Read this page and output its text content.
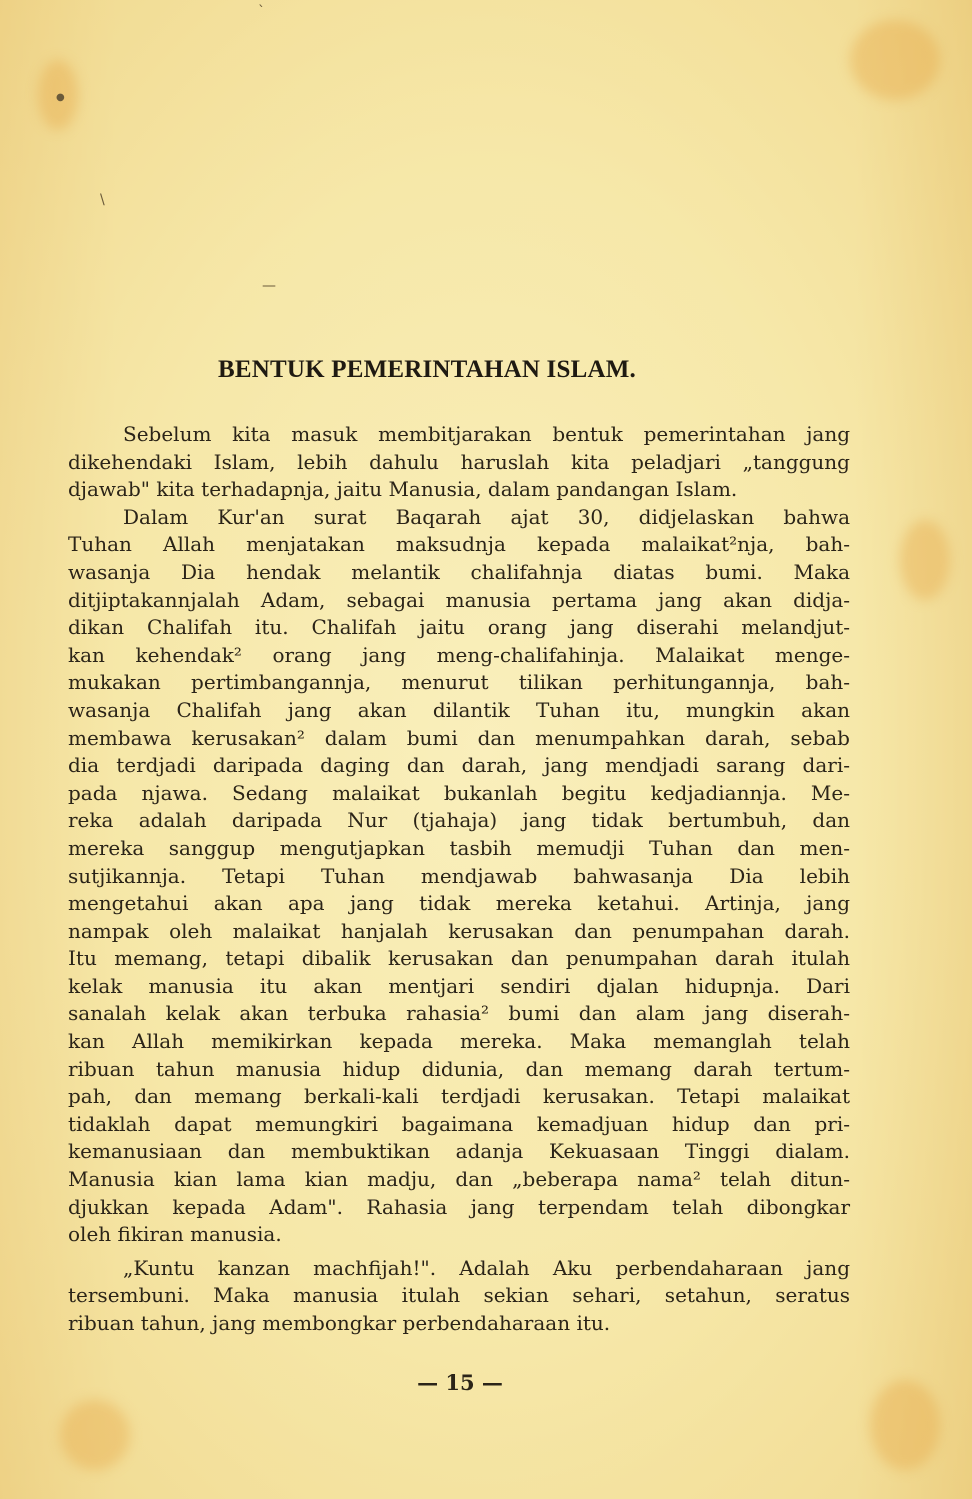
`
●
\
—
BENTUK PEMERINTAHAN ISLAM.
Sebelum kita masuk membitjarakan bentuk pemerintahan jang
dikehendaki Islam, lebih dahulu haruslah kita peladjari „tanggung
djawab" kita terhadapnja, jaitu Manusia, dalam pandangan Islam.
Dalam Kur'an surat Baqarah ajat 30, didjelaskan bahwa
Tuhan Allah menjatakan maksudnja kepada malaikat²nja, bah-
wasanja Dia hendak melantik chalifahnja diatas bumi. Maka
ditjiptakannjalah Adam, sebagai manusia pertama jang akan didja-
dikan Chalifah itu. Chalifah jaitu orang jang diserahi melandjut-
kan kehendak² orang jang meng-chalifahinja. Malaikat menge-
mukakan pertimbangannja, menurut tilikan perhitungannja, bah-
wasanja Chalifah jang akan dilantik Tuhan itu, mungkin akan
membawa kerusakan² dalam bumi dan menumpahkan darah, sebab
dia terdjadi daripada daging dan darah, jang mendjadi sarang dari-
pada njawa. Sedang malaikat bukanlah begitu kedjadiannja. Me-
reka adalah daripada Nur (tjahaja) jang tidak bertumbuh, dan
mereka sanggup mengutjapkan tasbih memudji Tuhan dan men-
sutjikannja. Tetapi Tuhan mendjawab bahwasanja Dia lebih
mengetahui akan apa jang tidak mereka ketahui. Artinja, jang
nampak oleh malaikat hanjalah kerusakan dan penumpahan darah.
Itu memang, tetapi dibalik kerusakan dan penumpahan darah itulah
kelak manusia itu akan mentjari sendiri djalan hidupnja. Dari
sanalah kelak akan terbuka rahasia² bumi dan alam jang diserah-
kan Allah memikirkan kepada mereka. Maka memanglah telah
ribuan tahun manusia hidup didunia, dan memang darah tertum-
pah, dan memang berkali-kali terdjadi kerusakan. Tetapi malaikat
tidaklah dapat memungkiri bagaimana kemadjuan hidup dan pri-
kemanusiaan dan membuktikan adanja Kekuasaan Tinggi dialam.
Manusia kian lama kian madju, dan „beberapa nama² telah ditun-
djukkan kepada Adam". Rahasia jang terpendam telah dibongkar
oleh fikiran manusia.
„Kuntu kanzan machfijah!". Adalah Aku perbendaharaan jang
tersembuni. Maka manusia itulah sekian sehari, setahun, seratus
ribuan tahun, jang membongkar perbendaharaan itu.
— 15 —
